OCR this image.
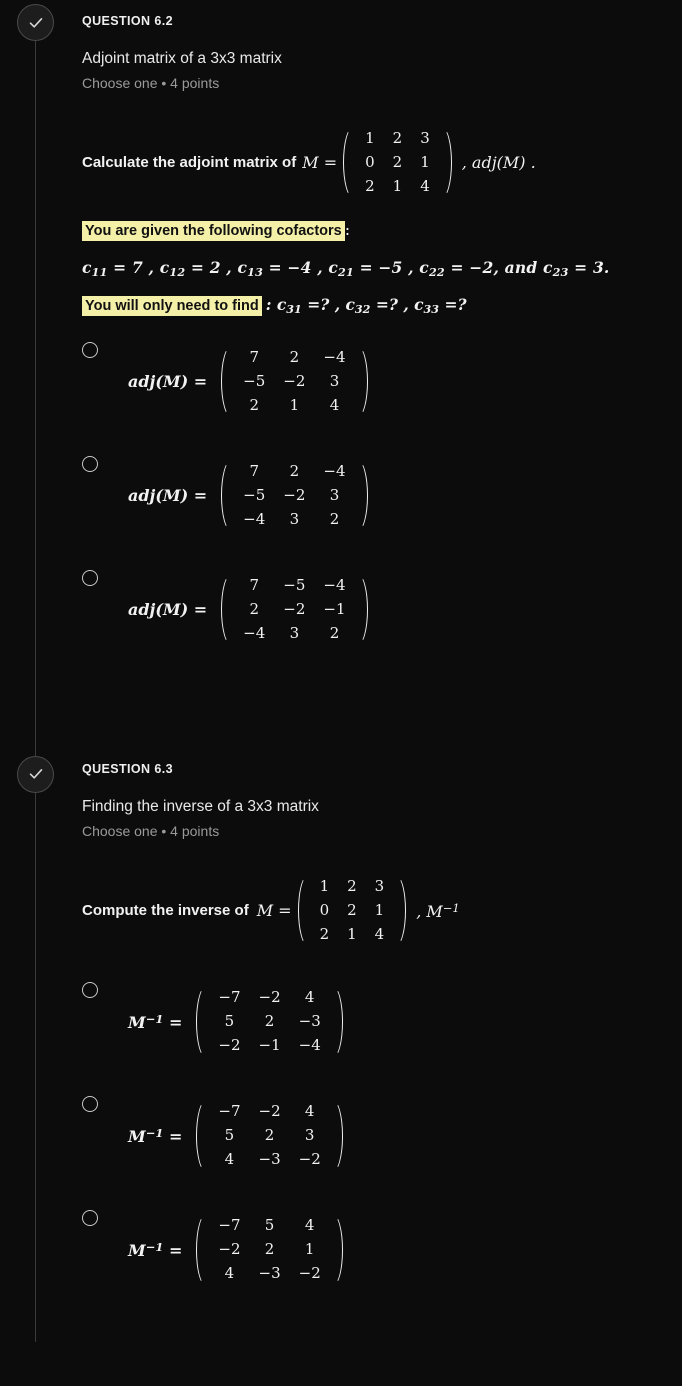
QUESTION 6.2
Adjoint matrix of a 3x3 matrix
Choose one • 4 points
Calculate the adjoint matrix of M =
1	2	3
0	2	1
2	1	4
, adj(M) .
You are given the following cofactors :
$c_{11} = 7$ , $c_{12} = 2$ , $c_{13} = -4$ , $c_{21} = -5$ , $c_{22} = -2$, and $c_{23} = 3$.
You will only need to find : $c_{31}$ =? , $c_{32}$ =? , $c_{33}$ =?
adj(M) =
7	2	−4
−5	−2	3
2	1	4
adj(M) =
7	2	−4
−5	−2	3
−4	3	2
adj(M) =
7	−5	−4
2	−2	−1
−4	3	2
QUESTION 6.3
Finding the inverse of a 3x3 matrix
Choose one • 4 points
Compute the inverse of M =
1	2	3
0	2	1
2	1	4
, $M^{-1}$
$M^{-1}$ =
−7	−2	4
5	2	−3
−2	−1	−4
$M^{-1}$ =
−7	−2	4
5	2	3
4	−3	−2
$M^{-1}$ =
−7	5	4
−2	2	1
4	−3	−2
